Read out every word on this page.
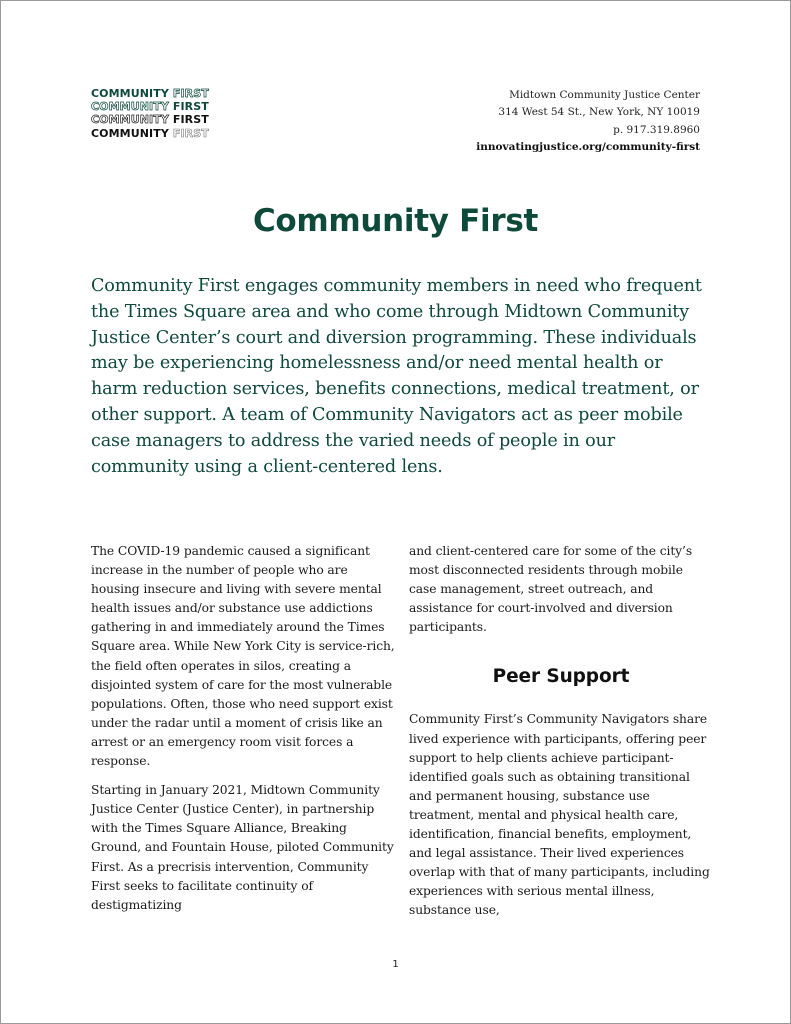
COMMUNITY FIRST
COMMUNITY FIRST
COMMUNITY FIRST
COMMUNITY FIRST
Midtown Community Justice Center
314 West 54 St., New York, NY 10019
p. 917.319.8960
innovatingjustice.org/community-first
Community First
Community First engages community members in need who frequent the Times Square area and who come through Midtown Community Justice Center’s court and diversion programming. These individuals may be experiencing homelessness and/or need mental health or harm reduction services, benefits connections, medical treatment, or other support. A team of Community Navigators act as peer mobile case managers to address the varied needs of people in our community using a client-centered lens.

The COVID-19 pandemic caused a significant increase in the number of people who are housing insecure and living with severe mental health issues and/or substance use addictions gathering in and immediately around the Times Square area. While New York City is service-rich, the field often operates in silos, creating a disjointed system of care for the most vulnerable populations. Often, those who need support exist under the radar until a moment of crisis like an arrest or an emergency room visit forces a response.

Starting in January 2021, Midtown Community Justice Center (Justice Center), in partnership with the Times Square Alliance, Breaking Ground, and Fountain House, piloted Community First. As a precrisis intervention, Community First seeks to facilitate continuity of destigmatizing

and client-centered care for some of the city’s most disconnected residents through mobile case management, street outreach, and assistance for court-involved and diversion participants.

Peer Support

Community First’s Community Navigators share lived experience with participants, offering peer support to help clients achieve participant-identified goals such as obtaining transitional and permanent housing, substance use treatment, mental and physical health care, identification, financial benefits, employment, and legal assistance. Their lived experiences overlap with that of many participants, including experiences with serious mental illness, substance use,

1
